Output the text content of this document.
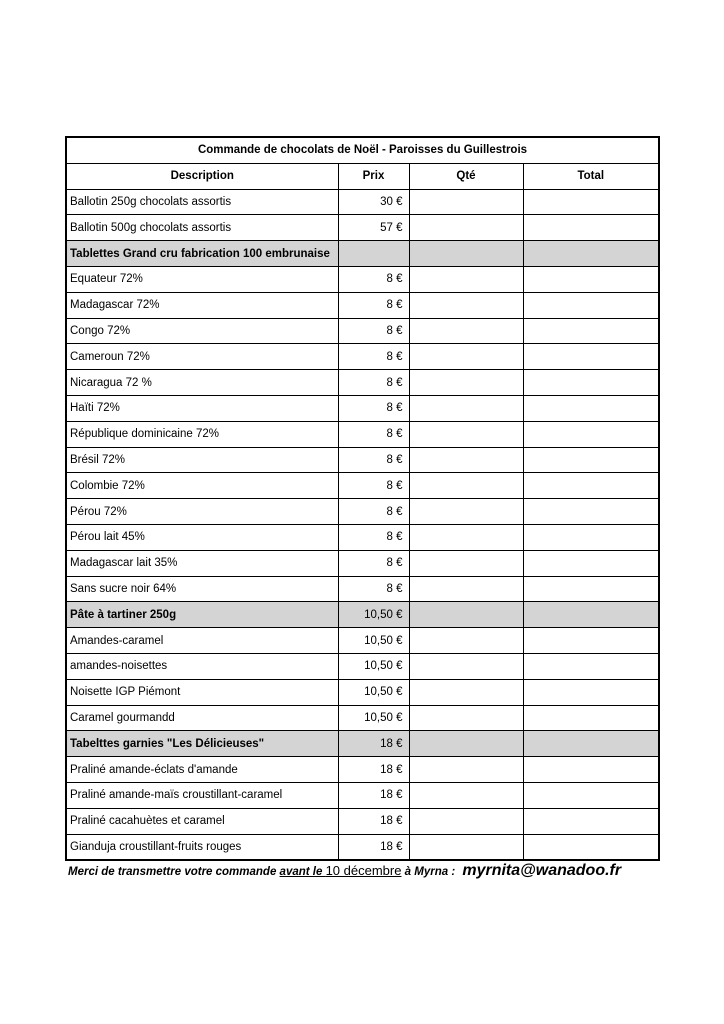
Commande de chocolats de Noël - Paroisses du Guillestrois			
Description	Prix	Qté	Total
Ballotin 250g chocolats assortis	30 €		
Ballotin 500g chocolats assortis	57 €		
Tablettes Grand cru fabrication 100 embrunaise			
Equateur 72%	8 €		
Madagascar 72%	8 €		
Congo 72%	8 €		
Cameroun 72%	8 €		
Nicaragua 72 %	8 €		
Haïti 72%	8 €		
République dominicaine 72%	8 €		
Brésil 72%	8 €		
Colombie 72%	8 €		
Pérou 72%	8 €		
Pérou lait 45%	8 €		
Madagascar lait 35%	8 €		
Sans sucre noir 64%	8 €		
Pâte à tartiner 250g	10,50 €		
Amandes-caramel	10,50 €		
amandes-noisettes	10,50 €		
Noisette IGP Piémont	10,50 €		
Caramel gourmandd	10,50 €		
Tabelttes garnies "Les Délicieuses"	18 €		
Praliné amande-éclats d'amande	18 €		
Praliné amande-maïs croustillant-caramel	18 €		
Praliné cacahuètes et caramel	18 €		
Gianduja croustillant-fruits rouges	18 €		
Merci de transmettre votre commande avant le 10 décembre à Myrna : myrnita@wanadoo.fr
